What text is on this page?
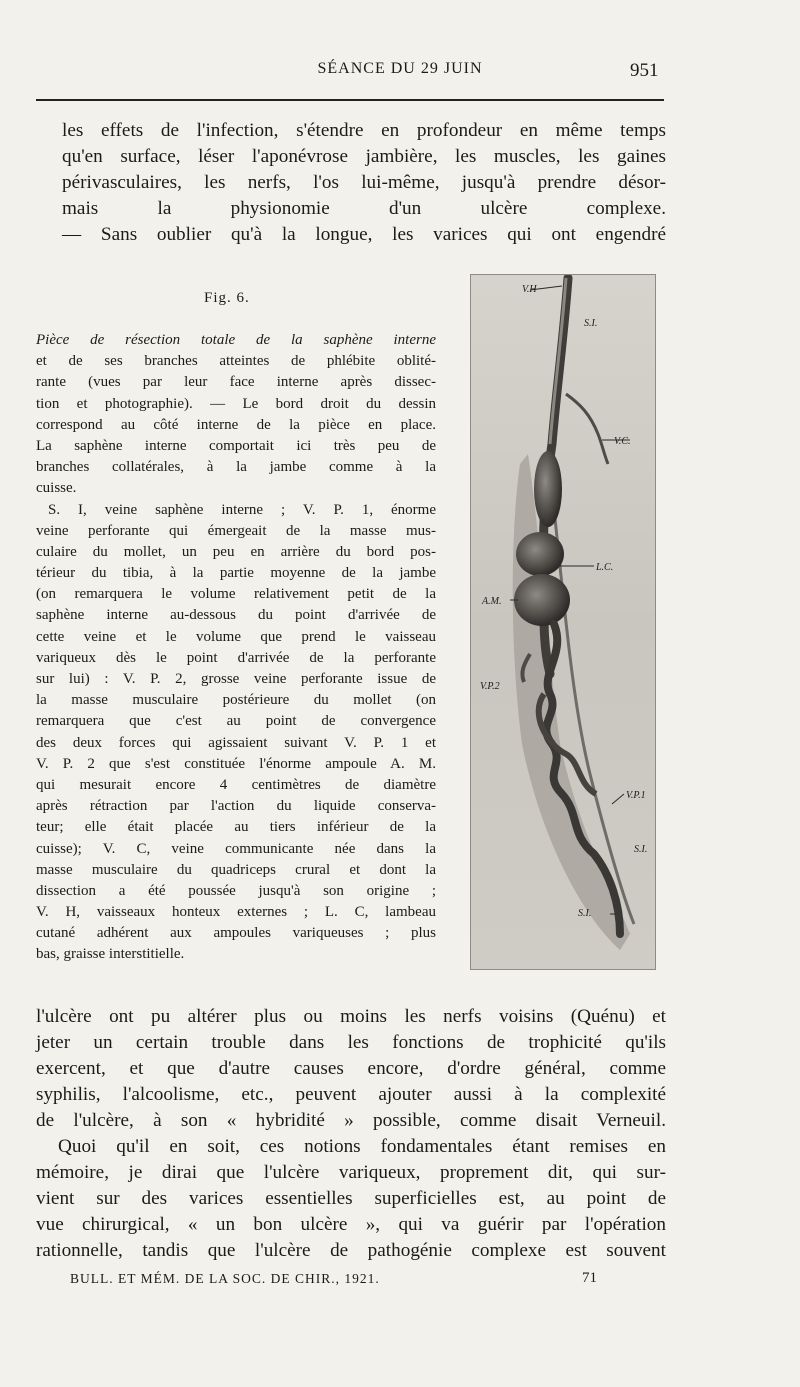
SÉANCE DU 29 JUIN	951
les effets de l'infection, s'étendre en profondeur en même temps
qu'en surface, léser l'aponévrose jambière, les muscles, les gaines
périvasculaires, les nerfs, l'os lui-même, jusqu'à prendre désor-
mais la physionomie d'un ulcère complexe.
— Sans oublier qu'à la longue, les varices qui ont engendré
Fig. 6.
Pièce de résection totale de la saphène interne
et de ses branches atteintes de phlébite oblité-
rante (vues par leur face interne après dissec-
tion et photographie). — Le bord droit du dessin
correspond au côté interne de la pièce en place.
La saphène interne comportait ici très peu de
branches collatérales, à la jambe comme à la
cuisse.
S. I, veine saphène interne ; V. P. 1, énorme
veine perforante qui émergeait de la masse mus-
culaire du mollet, un peu en arrière du bord pos-
térieur du tibia, à la partie moyenne de la jambe
(on remarquera le volume relativement petit de la
saphène interne au-dessous du point d'arrivée de
cette veine et le volume que prend le vaisseau
variqueux dès le point d'arrivée de la perforante
sur lui) : V. P. 2, grosse veine perforante issue de
la masse musculaire postérieure du mollet (on
remarquera que c'est au point de convergence
des deux forces qui agissaient suivant V. P. 1 et
V. P. 2 que s'est constituée l'énorme ampoule A. M.
qui mesurait encore 4 centimètres de diamètre
après rétraction par l'action du liquide conserva-
teur; elle était placée au tiers inférieur de la
cuisse); V. C, veine communicante née dans la
masse musculaire du quadriceps crural et dont la
dissection a été poussée jusqu'à son origine ;
V. H, vaisseaux honteux externes ; L. C, lambeau
cutané adhérent aux ampoules variqueuses ; plus
bas, graisse interstitielle.
V.H
S.I.
V.C.
L.C.
A.M.
V.P.2
V.P.1
S.I.
S.I.
l'ulcère ont pu altérer plus ou moins les nerfs voisins (Quénu) et
jeter un certain trouble dans les fonctions de trophicité qu'ils
exercent, et que d'autre causes encore, d'ordre général, comme
syphilis, l'alcoolisme, etc., peuvent ajouter aussi à la complexité
de l'ulcère, à son « hybridité » possible, comme disait Verneuil.
Quoi qu'il en soit, ces notions fondamentales étant remises en
mémoire, je dirai que l'ulcère variqueux, proprement dit, qui sur-
vient sur des varices essentielles superficielles est, au point de
vue chirurgical, « un bon ulcère », qui va guérir par l'opération
rationnelle, tandis que l'ulcère de pathogénie complexe est souvent
BULL. ET MÉM. DE LA SOC. DE CHIR., 1921.	71
